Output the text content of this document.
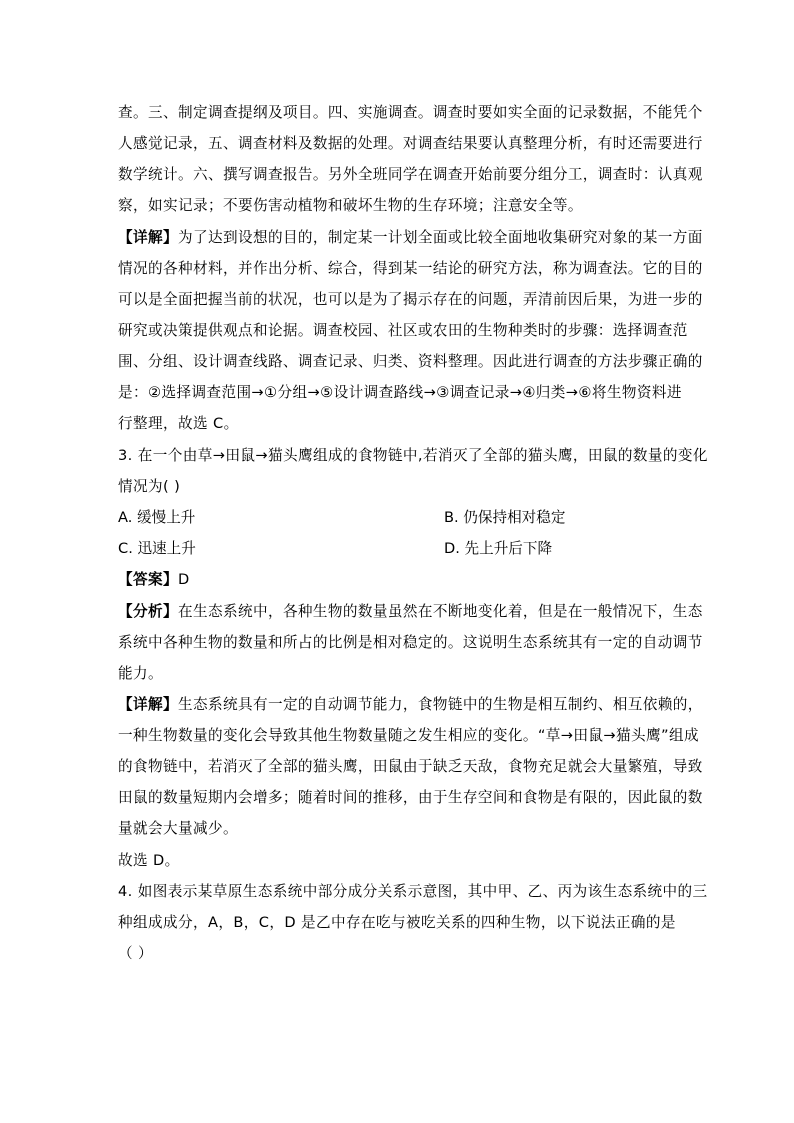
查。三、制定调查提纲及项目。四、实施调查。调查时要如实全面的记录数据，不能凭个
人感觉记录，五、调查材料及数据的处理。对调查结果要认真整理分析，有时还需要进行
数学统计。六、撰写调查报告。另外全班同学在调查开始前要分组分工，调查时：认真观
察，如实记录；不要伤害动植物和破坏生物的生存环境；注意安全等。
【详解】为了达到设想的目的，制定某一计划全面或比较全面地收集研究对象的某一方面
情况的各种材料，并作出分析、综合，得到某一结论的研究方法，称为调查法。它的目的
可以是全面把握当前的状况，也可以是为了揭示存在的问题，弄清前因后果，为进一步的
研究或决策提供观点和论据。调查校园、社区或农田的生物种类时的步骤：选择调查范
围、分组、设计调查线路、调查记录、归类、资料整理。因此进行调查的方法步骤正确的
是：②选择调查范围→①分组→⑤设计调查路线→③调查记录→④归类→⑥将生物资料进
行整理，故选 C。
3. 在一个由草→田鼠→猫头鹰组成的食物链中,若消灭了全部的猫头鹰，田鼠的数量的变化
情况为( )
A. 缓慢上升	B. 仍保持相对稳定
C. 迅速上升	D. 先上升后下降
【答案】D
【分析】在生态系统中，各种生物的数量虽然在不断地变化着，但是在一般情况下，生态
系统中各种生物的数量和所占的比例是相对稳定的。这说明生态系统其有一定的自动调节
能力。
【详解】生态系统具有一定的自动调节能力，食物链中的生物是相互制约、相互依赖的，
一种生物数量的变化会导致其他生物数量随之发生相应的变化。“草→田鼠→猫头鹰”组成
的食物链中，若消灭了全部的猫头鹰，田鼠由于缺乏天敌，食物充足就会大量繁殖，导致
田鼠的数量短期内会增多；随着时间的推移，由于生存空间和食物是有限的，因此鼠的数
量就会大量减少。
故选 D。
4. 如图表示某草原生态系统中部分成分关系示意图，其中甲、乙、丙为该生态系统中的三
种组成成分，A，B，C，D 是乙中存在吃与被吃关系的四种生物，以下说法正确的是
（ ）
